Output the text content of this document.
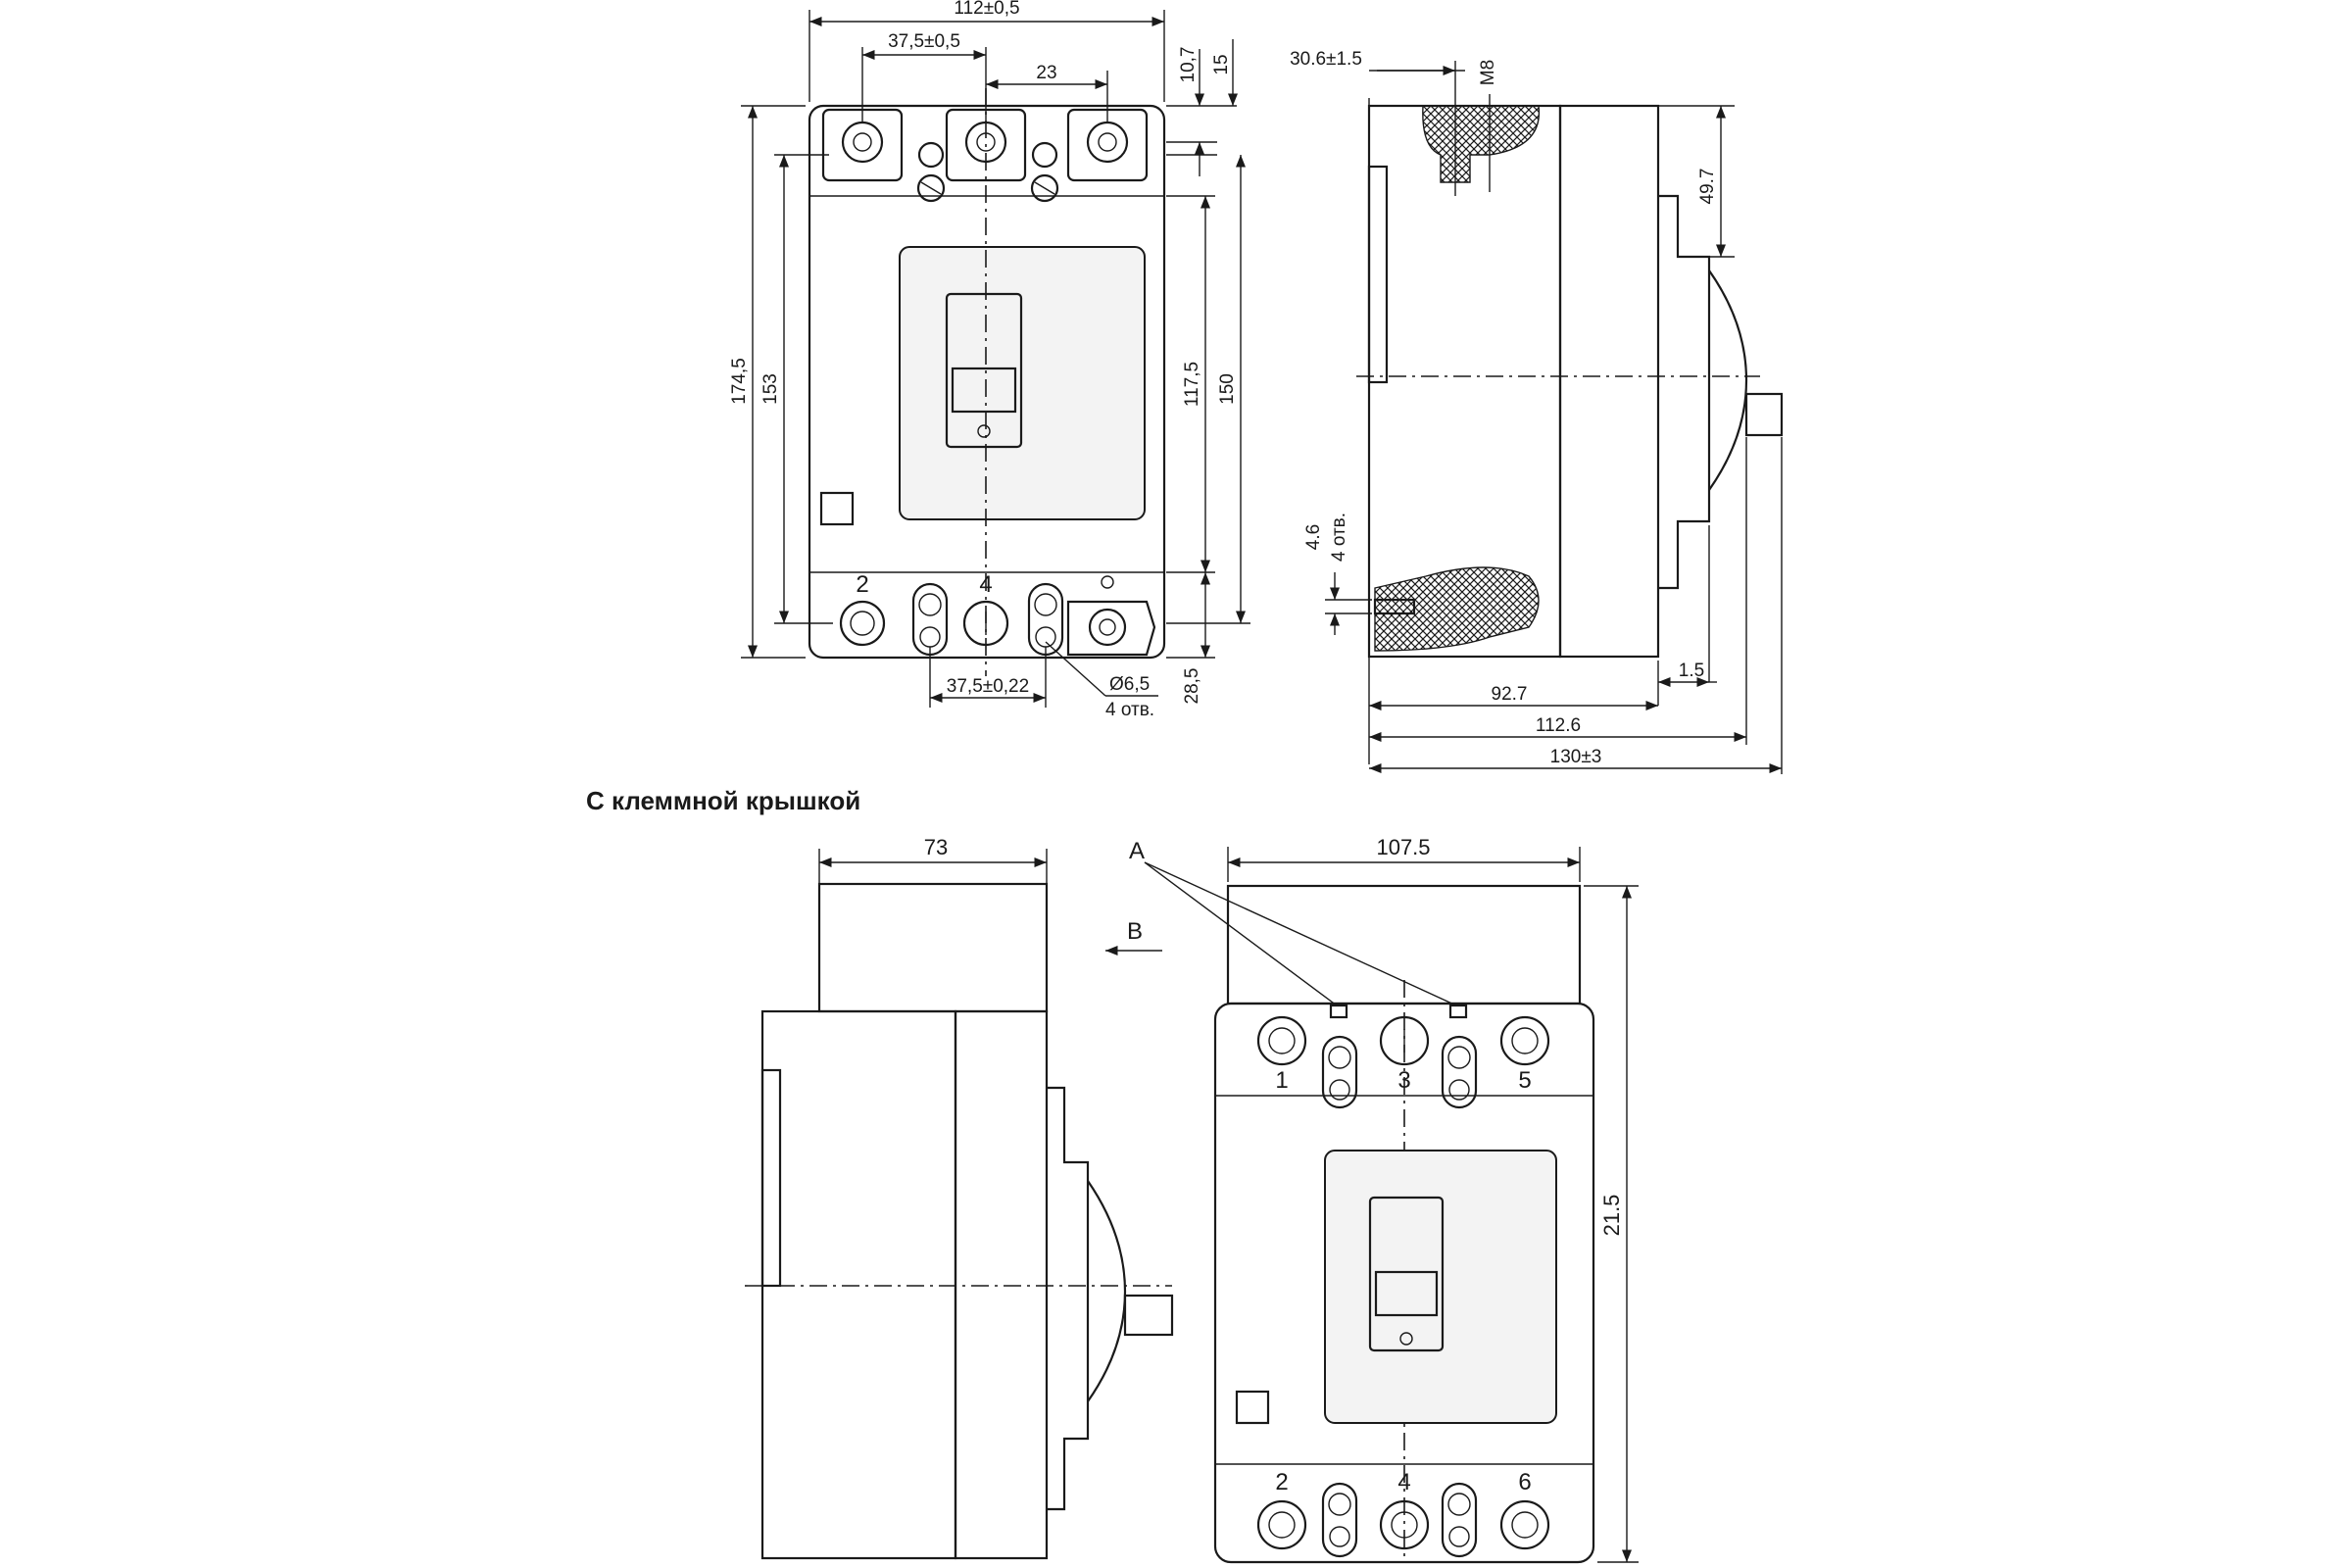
2	4
112±0,5
37,5±0,5
23	10,7 15
174,5 153	117,5 150
28,5
37,5±0,22	Ø6,5
4 отв.
92.7
112.6
130±3
1.5
49.7
30.6±1.5
M8
4.6 4 отв.
С клеммной крышкой
73
B
1	3	5
2	4	6
107.5
21.5
A
